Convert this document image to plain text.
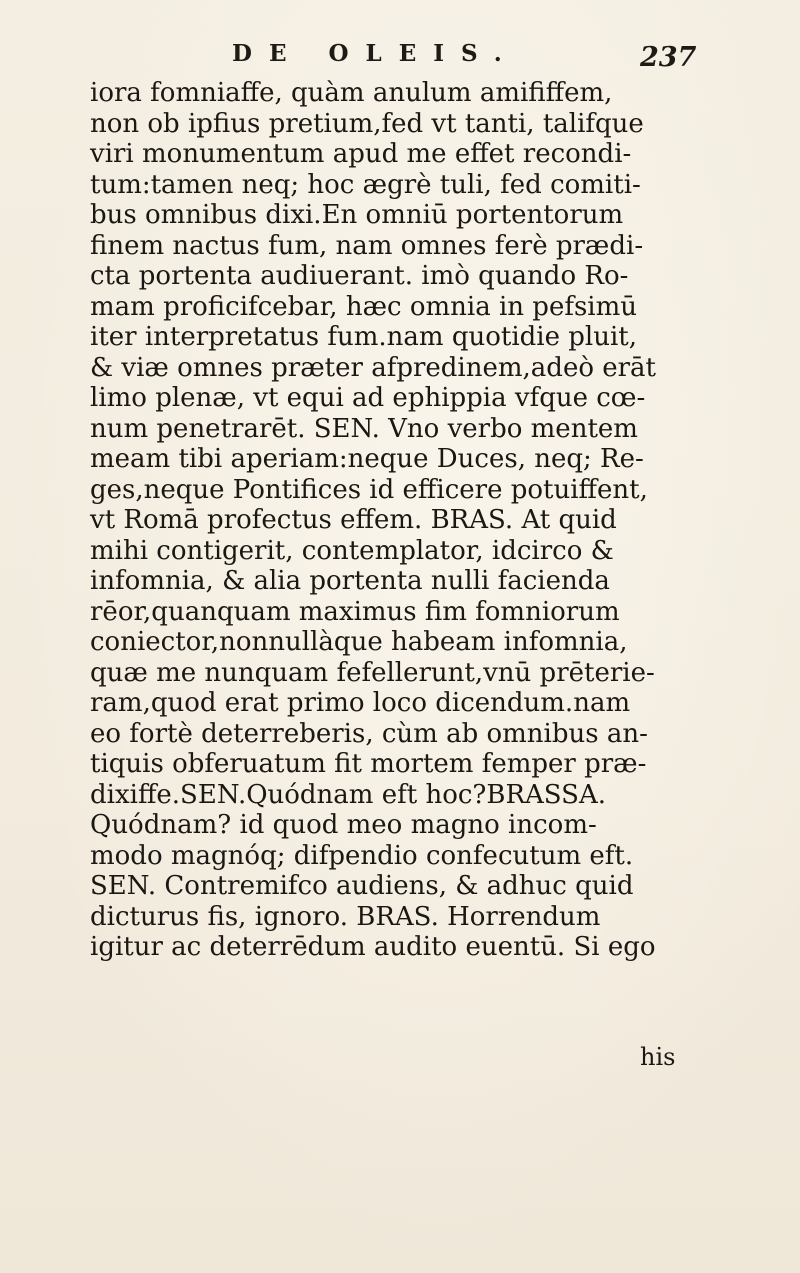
DE OLEIS.	237
iora fomniaffe, quàm anulum amififfem,
non ob ipfius pretium,fed vt tanti, talifque
viri monumentum apud me effet recondi-
tum:tamen neq; hoc ægrè tuli, fed comiti-
bus omnibus dixi.En omniū portentorum
finem nactus fum, nam omnes ferè prædi-
cta portenta audiuerant. imò quando Ro-
mam proficifcebar, hæc omnia in pefsimū
iter interpretatus fum.nam quotidie pluit,
& viæ omnes præter afpredinem,adeò erāt
limo plenæ, vt equi ad ephippia vfque cœ-
num penetrarēt. SEN. Vno verbo mentem
meam tibi aperiam:neque Duces, neq; Re-
ges,neque Pontifices id efficere potuiffent,
vt Romā profectus effem. BRAS. At quid
mihi contigerit, contemplator, idcirco &
infomnia, & alia portenta nulli facienda
rēor,quanquam maximus fim fomniorum
coniector,nonnullàque habeam infomnia,
quæ me nunquam fefellerunt,vnū prēterie-
ram,quod erat primo loco dicendum.nam
eo fortè deterreberis, cùm ab omnibus an-
tiquis obferuatum fit mortem femper præ-
dixiffe.SEN.Quódnam eft hoc?BRASSA.
Quódnam? id quod meo magno incom-
modo magnóq; difpendio confecutum eft.
SEN. Contremifco audiens, & adhuc quid
dicturus fis, ignoro. BRAS. Horrendum
igitur ac deterrēdum audito euentū. Si ego
his
